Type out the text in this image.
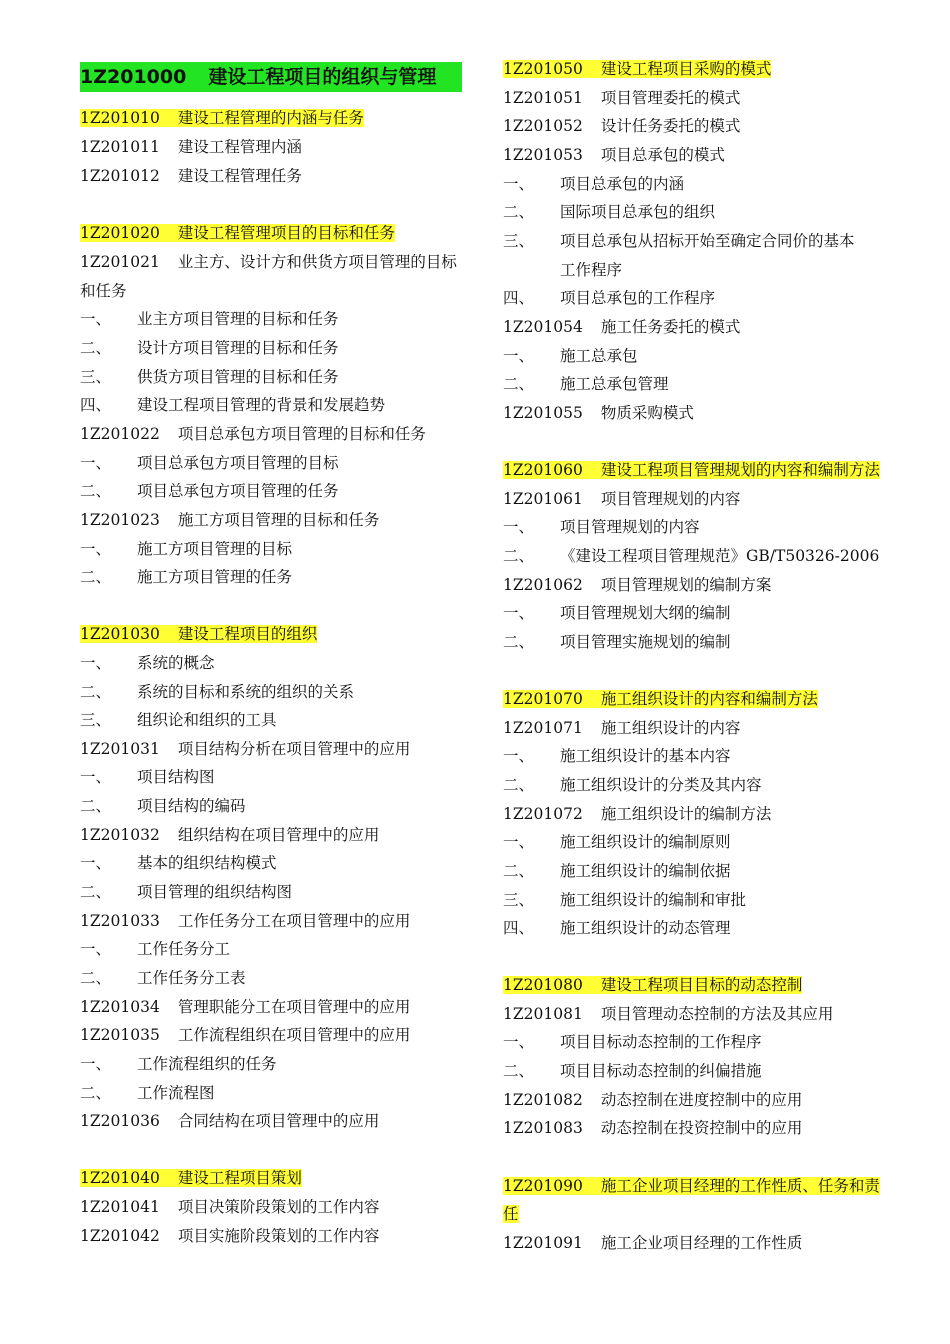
1Z201000 建设工程项目的组织与管理
1Z201010 建设工程管理的内涵与任务
1Z201011 建设工程管理内涵
1Z201012 建设工程管理任务
1Z201020 建设工程管理项目的目标和任务
1Z201021 业主方、设计方和供货方项目管理的目标
和任务
一、 业主方项目管理的目标和任务
二、 设计方项目管理的目标和任务
三、 供货方项目管理的目标和任务
四、 建设工程项目管理的背景和发展趋势
1Z201022 项目总承包方项目管理的目标和任务
一、 项目总承包方项目管理的目标
二、 项目总承包方项目管理的任务
1Z201023 施工方项目管理的目标和任务
一、 施工方项目管理的目标
二、 施工方项目管理的任务
1Z201030 建设工程项目的组织
一、 系统的概念
二、 系统的目标和系统的组织的关系
三、 组织论和组织的工具
1Z201031 项目结构分析在项目管理中的应用
一、 项目结构图
二、 项目结构的编码
1Z201032 组织结构在项目管理中的应用
一、 基本的组织结构模式
二、 项目管理的组织结构图
1Z201033 工作任务分工在项目管理中的应用
一、 工作任务分工
二、 工作任务分工表
1Z201034 管理职能分工在项目管理中的应用
1Z201035 工作流程组织在项目管理中的应用
一、 工作流程组织的任务
二、 工作流程图
1Z201036 合同结构在项目管理中的应用
1Z201040 建设工程项目策划
1Z201041 项目决策阶段策划的工作内容
1Z201042 项目实施阶段策划的工作内容
1Z201050 建设工程项目采购的模式
1Z201051 项目管理委托的模式
1Z201052 设计任务委托的模式
1Z201053 项目总承包的模式
一、 项目总承包的内涵
二、 国际项目总承包的组织
三、 项目总承包从招标开始至确定合同价的基本
工作程序
四、 项目总承包的工作程序
1Z201054 施工任务委托的模式
一、 施工总承包
二、 施工总承包管理
1Z201055 物质采购模式
1Z201060 建设工程项目管理规划的内容和编制方法
1Z201061 项目管理规划的内容
一、 项目管理规划的内容
二、 《建设工程项目管理规范》GB/T50326-2006
1Z201062 项目管理规划的编制方案
一、 项目管理规划大纲的编制
二、 项目管理实施规划的编制
1Z201070 施工组织设计的内容和编制方法
1Z201071 施工组织设计的内容
一、 施工组织设计的基本内容
二、 施工组织设计的分类及其内容
1Z201072 施工组织设计的编制方法
一、 施工组织设计的编制原则
二、 施工组织设计的编制依据
三、 施工组织设计的编制和审批
四、 施工组织设计的动态管理
1Z201080 建设工程项目目标的动态控制
1Z201081 项目管理动态控制的方法及其应用
一、 项目目标动态控制的工作程序
二、 项目目标动态控制的纠偏措施
1Z201082 动态控制在进度控制中的应用
1Z201083 动态控制在投资控制中的应用
1Z201090 施工企业项目经理的工作性质、任务和责
任
1Z201091 施工企业项目经理的工作性质
